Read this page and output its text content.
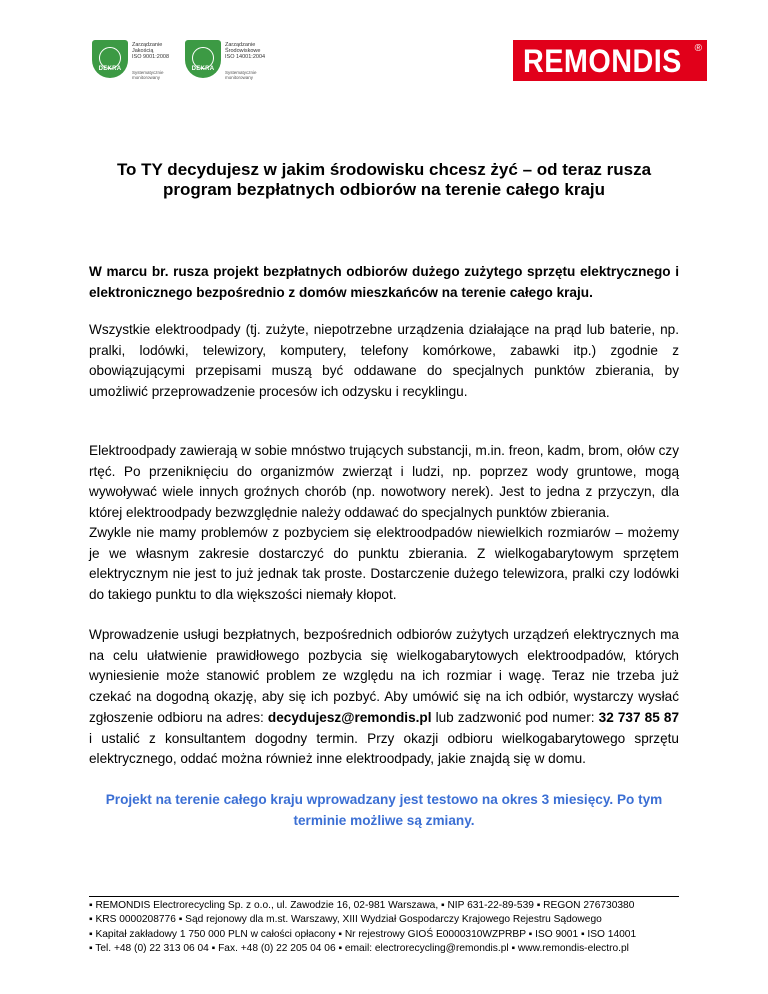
DEKRA
Zarządzanie
Jakością
ISO 9001:2008
Systematycznie monitorowany
DEKRA
Zarządzanie
Środowiskowe
ISO 14001:2004
Systematycznie monitorowany	REMONDIS ®
To TY decydujesz w jakim środowisku chcesz żyć – od teraz rusza program bezpłatnych odbiorów na terenie całego kraju

W marcu br. rusza projekt bezpłatnych odbiorów dużego zużytego sprzętu elektrycznego i elektronicznego bezpośrednio z domów mieszkańców na terenie całego kraju.

Wszystkie elektroodpady (tj. zużyte, niepotrzebne urządzenia działające na prąd lub baterie, np. pralki, lodówki, telewizory, komputery, telefony komórkowe, zabawki itp.) zgodnie z obowiązującymi przepisami muszą być oddawane do specjalnych punktów zbierania, by umożliwić przeprowadzenie procesów ich odzysku i recyklingu.

Elektroodpady zawierają w sobie mnóstwo trujących substancji, m.in. freon, kadm, brom, ołów czy rtęć. Po przeniknięciu do organizmów zwierząt i ludzi, np. poprzez wody gruntowe, mogą wywoływać wiele innych groźnych chorób (np. nowotwory nerek). Jest to jedna z przyczyn, dla której elektroodpady bezwzględnie należy oddawać do specjalnych punktów zbierania.

Zwykle nie mamy problemów z pozbyciem się elektroodpadów niewielkich rozmiarów – możemy je we własnym zakresie dostarczyć do punktu zbierania. Z wielkogabarytowym sprzętem elektrycznym nie jest to już jednak tak proste. Dostarczenie dużego telewizora, pralki czy lodówki do takiego punktu to dla większości niemały kłopot.

Wprowadzenie usługi bezpłatnych, bezpośrednich odbiorów zużytych urządzeń elektrycznych ma na celu ułatwienie prawidłowego pozbycia się wielkogabarytowych elektroodpadów, których wyniesienie może stanowić problem ze względu na ich rozmiar i wagę. Teraz nie trzeba już czekać na dogodną okazję, aby się ich pozbyć. Aby umówić się na ich odbiór, wystarczy wysłać zgłoszenie odbioru na adres: decydujesz@remondis.pl lub zadzwonić pod numer: 32 737 85 87 i ustalić z konsultantem dogodny termin. Przy okazji odbioru wielkogabarytowego sprzętu elektrycznego, oddać można również inne elektroodpady, jakie znajdą się w domu.

Projekt na terenie całego kraju wprowadzany jest testowo na okres 3 miesięcy. Po tym
terminie możliwe są zmiany.

▪ REMONDIS Electrorecycling Sp. z o.o., ul. Zawodzie 16, 02-981 Warszawa, ▪ NIP 631-22-89-539 ▪ REGON 276730380
▪ KRS 0000208776 ▪ Sąd rejonowy dla m.st. Warszawy, XIII Wydział Gospodarczy Krajowego Rejestru Sądowego
▪ Kapitał zakładowy 1 750 000 PLN w całości opłacony ▪ Nr rejestrowy GIOŚ E0000310WZPRBP ▪ ISO 9001 ▪ ISO 14001
▪ Tel. +48 (0) 22 313 06 04 ▪ Fax. +48 (0) 22 205 04 06 ▪ email: electrorecycling@remondis.pl ▪ www.remondis-electro.pl
